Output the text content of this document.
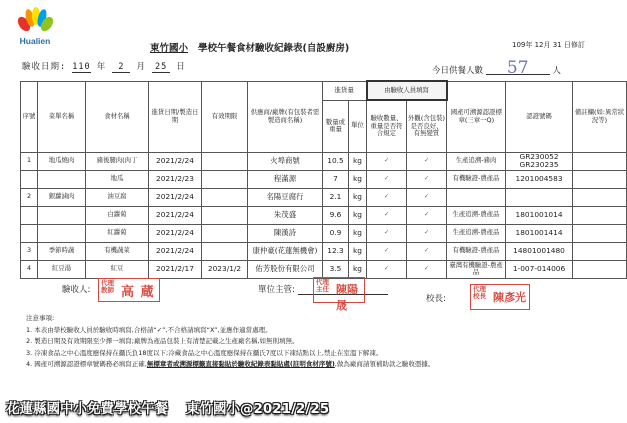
Hualien
東竹國小 學校午餐食材驗收紀錄表(自設廚房)	109年 12月 31 日修訂
驗收日期: 110 年 2 月 25 日	今日供餐人數 57	人
序號	菜單名稱	食材名稱	進貨日期/製造日期	有效期限	供應商/廠牌(有包裝者需製造商名稱)	進貨量		由驗收人員填寫		國產可溯源認證標章(三章一Q)	認證號碼	備註欄(如:異常狀況等)
						數量或重量	單位	驗收數量、重量是否符合規定	外觀(含包裝)是否良好、有無變質			
1	地瓜燒肉	豬後腿肉(肉丁	2021/2/24		火埠商號	10.5	kg	✓	✓	生產追溯-豬肉	GR230052 GR230235	
		地瓜	2021/2/23		程滿源	7	kg	✓	✓	有機驗證-農產品	1201004583	
2	銀蘿滷肉	油豆腐	2021/2/24		名陽豆腐行	2.1	kg	✓	✓			
		白蘿蔔	2021/2/24		朱茂盛	9.6	kg	✓	✓	生產追溯-農產品	1801001014	
		紅蘿蔔	2021/2/24		陳漢詩	0.9	kg	✓	✓	生產追溯-農產品	1801001414	
3	季節時蔬	有機蔬菜	2021/2/24		康仲豪(花蓮無機會)	12.3	kg	✓	✓	有機驗證-農產品	14801001480	
4	紅豆湯	紅豆	2021/2/17	2023/1/2	佑芳股份有限公司	3.5	kg	✓	✓	臺灣有機驗證-農產品	1-007-014006	
驗收人:
代理 教師 高 蔵	單位主管:
代理 主任 陳陽晟	校長:
代理 校長 陳彥光
注意事項:
1. 本表由學校驗收人員於驗收時填寫,合格請“✓”,不合格請填寫“X”,並應作適當處理。
2. 製造日期及有效期限至少擇一填寫;廠牌為產品包裝上有清楚記載之生產廠名稱,如無則填無。
3. 冷凍食品之中心溫度應保持在攝氏負18度以下;冷藏食品之中心溫度應保持在攝氏7度以下凍結點以上,禁止在室溫下解凍。
4. 國產可溯源認證標章號碼務必填寫正確,無標章者或溯源標籤直接黏貼於驗收紀錄表黏貼處(註明食材序號),做為廠商請領補助款之驗收憑據。
花蓮縣國中小免費學校午餐 東竹國小@2021/2/25
